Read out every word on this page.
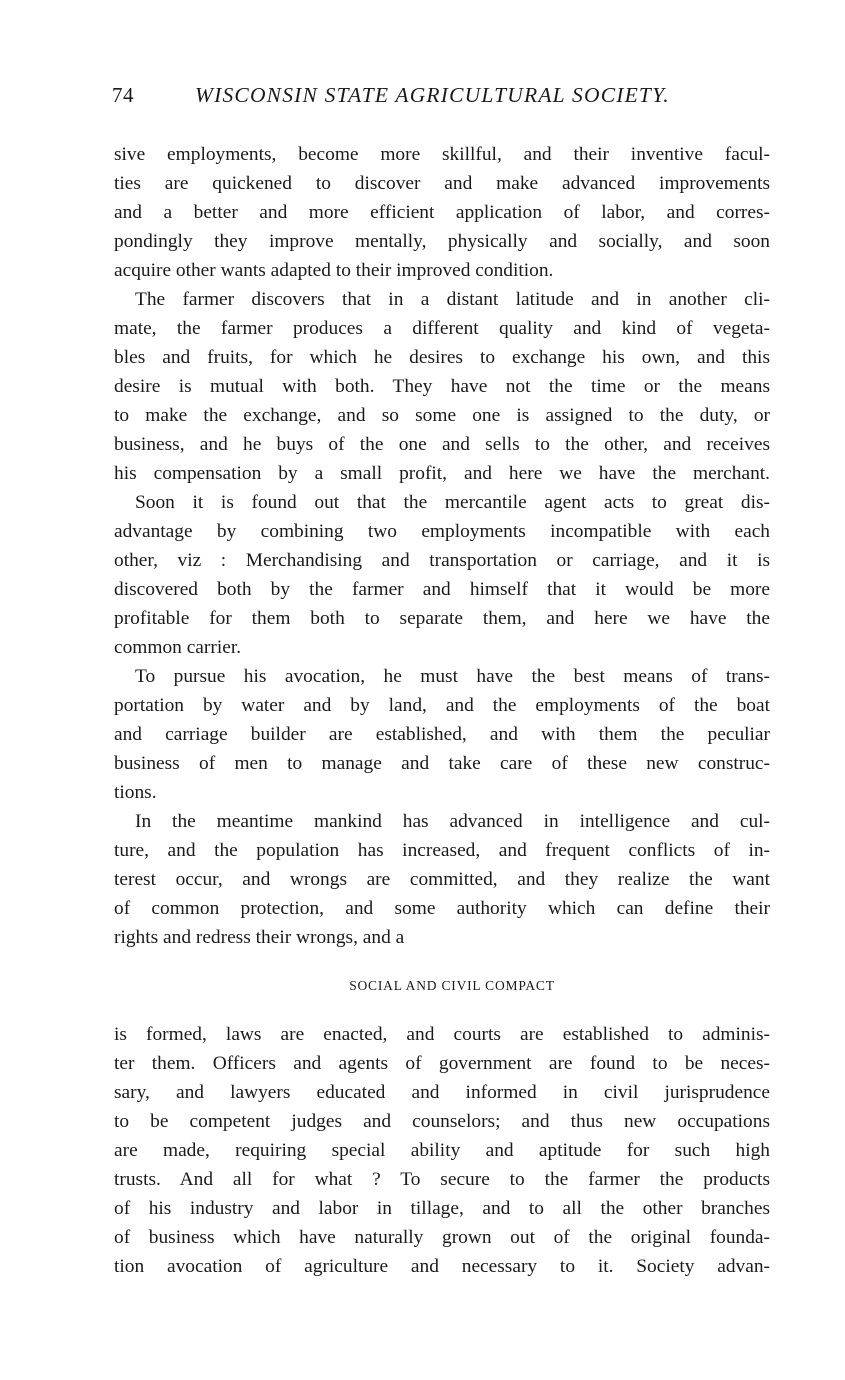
74	WISCONSIN STATE AGRICULTURAL SOCIETY.
sive employments, become more skillful, and their inventive facul-
ties are quickened to discover and make advanced improvements
and a better and more efficient application of labor, and corres-
pondingly they improve mentally, physically and socially, and soon
acquire other wants adapted to their improved condition.
The farmer discovers that in a distant latitude and in another cli-
mate, the farmer produces a different quality and kind of vegeta-
bles and fruits, for which he desires to exchange his own, and this
desire is mutual with both. They have not the time or the means
to make the exchange, and so some one is assigned to the duty, or
business, and he buys of the one and sells to the other, and receives
his compensation by a small profit, and here we have the merchant.
Soon it is found out that the mercantile agent acts to great dis-
advantage by combining two employments incompatible with each
other, viz : Merchandising and transportation or carriage, and it is
discovered both by the farmer and himself that it would be more
profitable for them both to separate them, and here we have the
common carrier.
To pursue his avocation, he must have the best means of trans-
portation by water and by land, and the employments of the boat
and carriage builder are established, and with them the peculiar
business of men to manage and take care of these new construc-
tions.
In the meantime mankind has advanced in intelligence and cul-
ture, and the population has increased, and frequent conflicts of in-
terest occur, and wrongs are committed, and they realize the want
of common protection, and some authority which can define their
rights and redress their wrongs, and a
SOCIAL AND CIVIL COMPACT
is formed, laws are enacted, and courts are established to adminis-
ter them. Officers and agents of government are found to be neces-
sary, and lawyers educated and informed in civil jurisprudence
to be competent judges and counselors; and thus new occupations
are made, requiring special ability and aptitude for such high
trusts. And all for what ? To secure to the farmer the products
of his industry and labor in tillage, and to all the other branches
of business which have naturally grown out of the original founda-
tion avocation of agriculture and necessary to it. Society advan-
